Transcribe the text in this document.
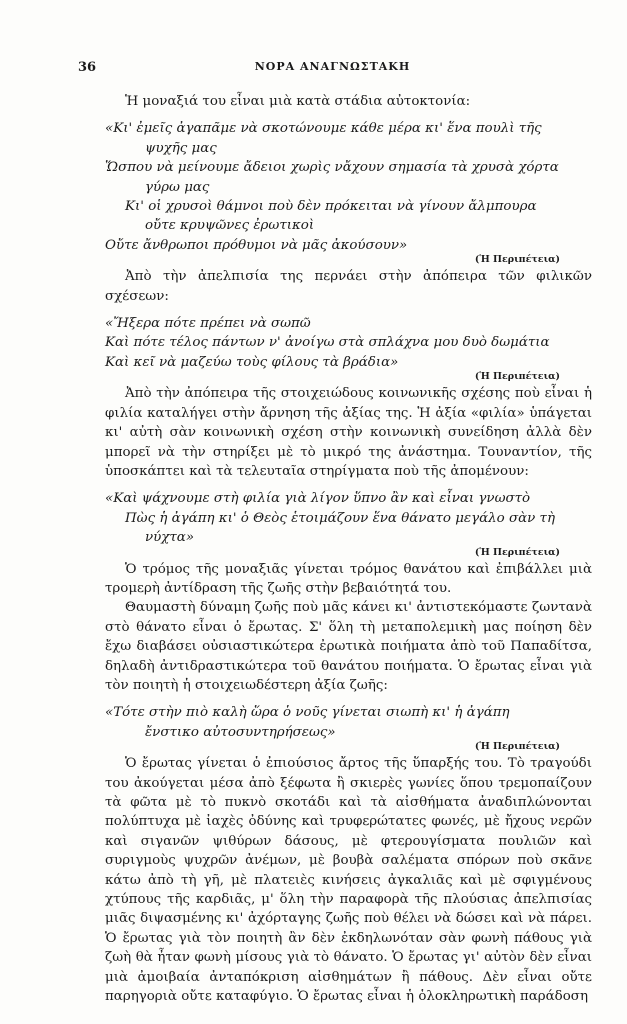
36	ΝΟΡΑ ΑΝΑΓΝΩΣΤΑΚΗ

Ἡ μοναξιά του εἶναι μιὰ κατὰ στάδια αὐτοκτονία:

«Κι' ἐμεῖς ἀγαπᾶμε νὰ σκοτώνουμε κάθε μέρα κι' ἕνα πουλὶ τῆς

ψυχῆς μας

Ὥσπου νὰ μείνουμε ἄδειοι χωρὶς νἄχουν σημασία τὰ χρυσὰ χόρτα

γύρω μας

Κι' οἱ χρυσοὶ θάμνοι ποὺ δὲν πρόκειται νὰ γίνουν ἄλμπουρα

οὔτε κρυψῶνες ἐρωτικοὶ

Οὔτε ἄνθρωποι πρόθυμοι νὰ μᾶς ἀκούσουν»

(Ἡ Περιπέτεια)

Ἀπὸ τὴν ἀπελπισία της περνάει στὴν ἀπόπειρα τῶν φιλικῶν σχέσεων:

«Ἤξερα πότε πρέπει νὰ σωπῶ

Καὶ πότε τέλος πάντων ν' ἀνοίγω στὰ σπλάχνα μου δυὸ δωμάτια

Καὶ κεῖ νὰ μαζεύω τοὺς φίλους τὰ βράδια»

(Ἡ Περιπέτεια)

Ἀπὸ τὴν ἀπόπειρα τῆς στοιχειώδους κοινωνικῆς σχέσης ποὺ εἶναι ἡ φιλία καταλήγει στὴν ἄρνηση τῆς ἀξίας της. Ἡ ἀξία «φιλία» ὑπάγεται κι' αὐτὴ σὰν κοινωνικὴ σχέση στὴν κοινωνικὴ συνείδηση ἀλλὰ δὲν μπορεῖ νὰ τὴν στηρίξει μὲ τὸ μικρό της ἀνάστημα. Τουναντίον, τῆς ὑποσκάπτει καὶ τὰ τελευταῖα στηρίγματα ποὺ τῆς ἀπομένουν:

«Καὶ ψάχνουμε στὴ φιλία γιὰ λίγον ὕπνο ἂν καὶ εἶναι γνωστὸ

Πὼς ἡ ἀγάπη κι' ὁ Θεὸς ἑτοιμάζουν ἕνα θάνατο μεγάλο σὰν τὴ

νύχτα»

(Ἡ Περιπέτεια)

Ὁ τρόμος τῆς μοναξιᾶς γίνεται τρόμος θανάτου καὶ ἐπιβάλλει μιὰ τρομερὴ ἀντίδραση τῆς ζωῆς στὴν βεβαιότητά του.

Θαυμαστὴ δύναμη ζωῆς ποὺ μᾶς κάνει κι' ἀντιστεκόμαστε ζωντανὰ στὸ θάνατο εἶναι ὁ ἔρωτας. Σ' ὅλη τὴ μεταπολεμικὴ μας ποίηση δὲν ἔχω διαβάσει οὐσιαστικώτερα ἐρωτικὰ ποιήματα ἀπὸ τοῦ Παπαδίτσα, δηλαδὴ ἀντιδραστικώτερα τοῦ θανάτου ποιήματα. Ὁ ἔρωτας εἶναι γιὰ τὸν ποιητὴ ἡ στοιχειωδέστερη ἀξία ζωῆς:

«Τότε στὴν πιὸ καλὴ ὥρα ὁ νοῦς γίνεται σιωπὴ κι' ἡ ἀγάπη

ἔνστικο αὐτοσυντηρήσεως»

(Ἡ Περιπέτεια)

Ὁ ἔρωτας γίνεται ὁ ἐπιούσιος ἄρτος τῆς ὕπαρξής του. Τὸ τραγούδι του ἀκούγεται μέσα ἀπὸ ξέφωτα ἢ σκιερὲς γωνίες ὅπου τρεμοπαίζουν τὰ φῶτα μὲ τὸ πυκνὸ σκοτάδι καὶ τὰ αἰσθήματα ἀναδιπλώνονται πολύπτυχα μὲ ἰαχὲς ὀδύνης καὶ τρυφερώτατες φωνές, μὲ ἤχους νερῶν καὶ σιγανῶν ψιθύρων δάσους, μὲ φτερουγίσματα πουλιῶν καὶ συριγμοὺς ψυχρῶν ἀνέμων, μὲ βουβὰ σαλέματα σπόρων ποὺ σκᾶνε κάτω ἀπὸ τὴ γῆ, μὲ πλατειὲς κινήσεις ἀγκαλιᾶς καὶ μὲ σφιγμένους χτύπους τῆς καρδιᾶς, μ' ὅλη τὴν παραφορὰ τῆς πλούσιας ἀπελπισίας μιᾶς διψασμένης κι' ἀχόρταγης ζωῆς ποὺ θέλει νὰ δώσει καὶ νὰ πάρει. Ὁ ἔρωτας γιὰ τὸν ποιητὴ ἂν δὲν ἐκδηλωνόταν σὰν φωνὴ πάθους γιὰ ζωὴ θὰ ἦταν φωνὴ μίσους γιὰ τὸ θάνατο. Ὁ ἔρωτας γι' αὐτὸν δὲν εἶναι μιὰ ἀμοιβαία ἀνταπόκριση αἰσθημάτων ἢ πάθους. Δὲν εἶναι οὔτε παρηγοριὰ οὔτε καταφύγιο. Ὁ ἔρωτας εἶναι ἡ ὁλοκληρωτικὴ παράδοση
